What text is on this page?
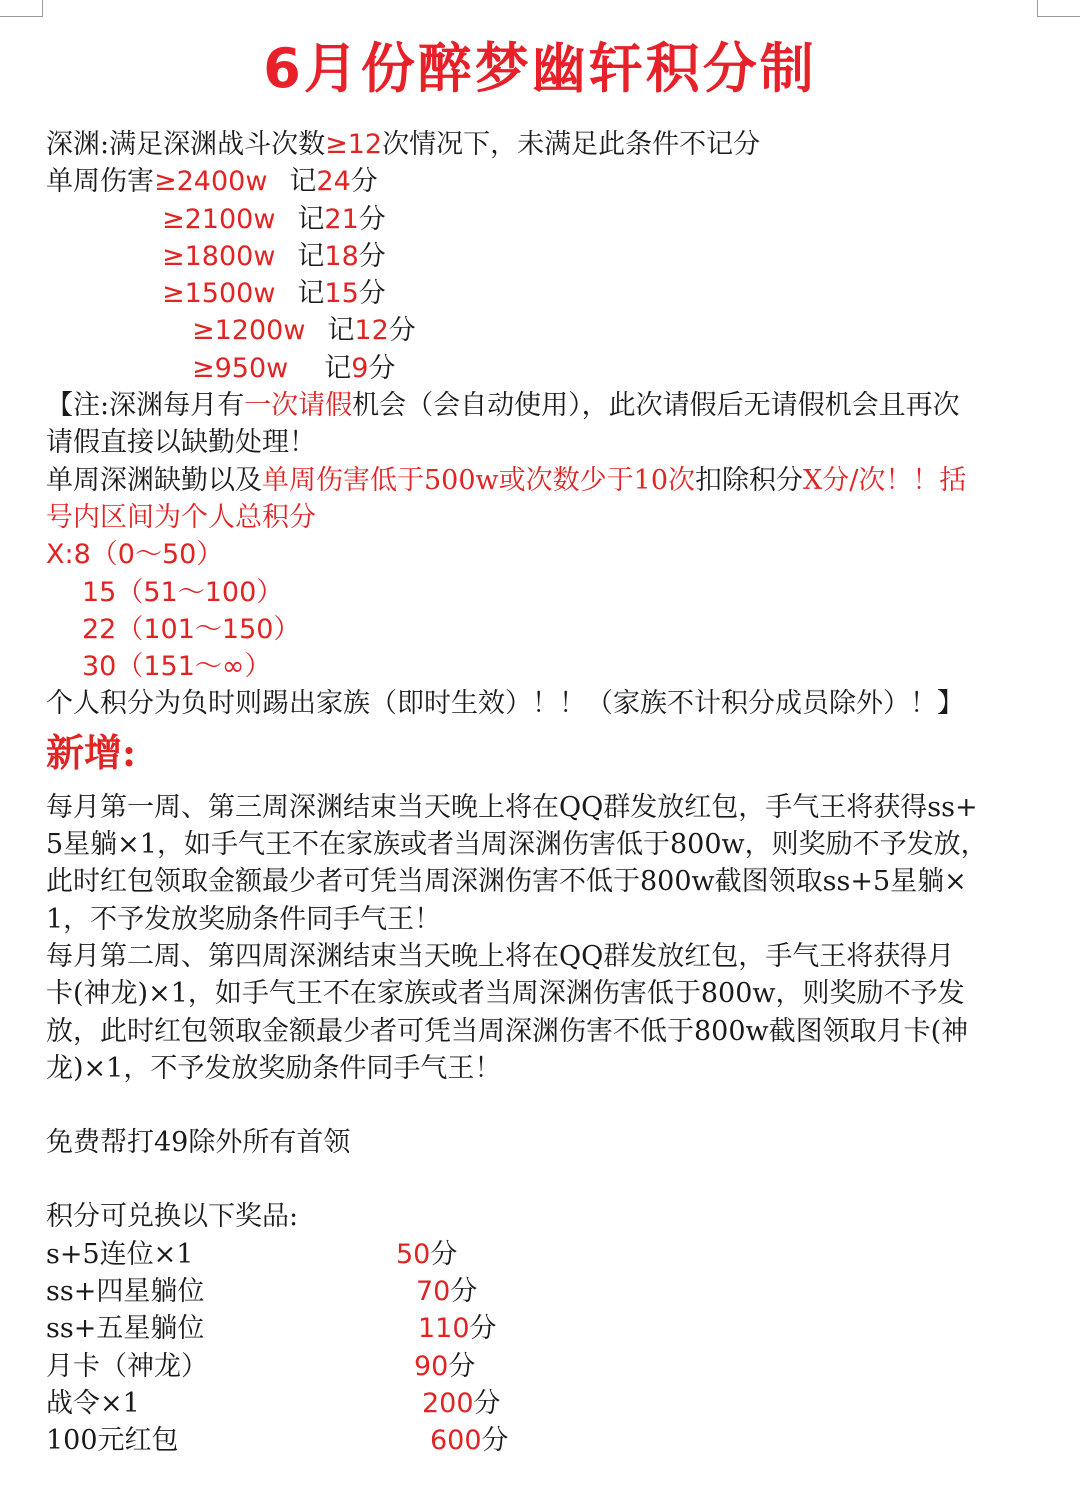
6月份醉梦幽轩积分制
深渊:满足深渊战斗次数≥12次情况下，未满足此条件不记分
单周伤害≥2400w 记24分
≥2100w 记21分
≥1800w 记18分
≥1500w 记15分
≥1200w 记12分
≥950w 记9分
【注:深渊每月有一次请假机会（会自动使用），此次请假后无请假机会且再次
请假直接以缺勤处理！
单周深渊缺勤以及单周伤害低于500w或次数少于10次扣除积分X分/次！！括
号内区间为个人总积分
X:8（0～50）
15（51～100）
22（101～150）
30（151～∞）
个人积分为负时则踢出家族（即时生效）！！（家族不计积分成员除外）！】
新增:
每月第一周、第三周深渊结束当天晚上将在QQ群发放红包，手气王将获得ss+
5星躺×1，如手气王不在家族或者当周深渊伤害低于800w，则奖励不予发放，
此时红包领取金额最少者可凭当周深渊伤害不低于800w截图领取ss+5星躺×
1，不予发放奖励条件同手气王！
每月第二周、第四周深渊结束当天晚上将在QQ群发放红包，手气王将获得月
卡(神龙)×1，如手气王不在家族或者当周深渊伤害低于800w，则奖励不予发
放，此时红包领取金额最少者可凭当周深渊伤害不低于800w截图领取月卡(神
龙)×1，不予发放奖励条件同手气王！
免费帮打49除外所有首领
积分可兑换以下奖品:
s+5连位×1	50分
ss+四星躺位	70分
ss+五星躺位	110分
月卡（神龙）	90分
战令×1	200分
100元红包	600分
